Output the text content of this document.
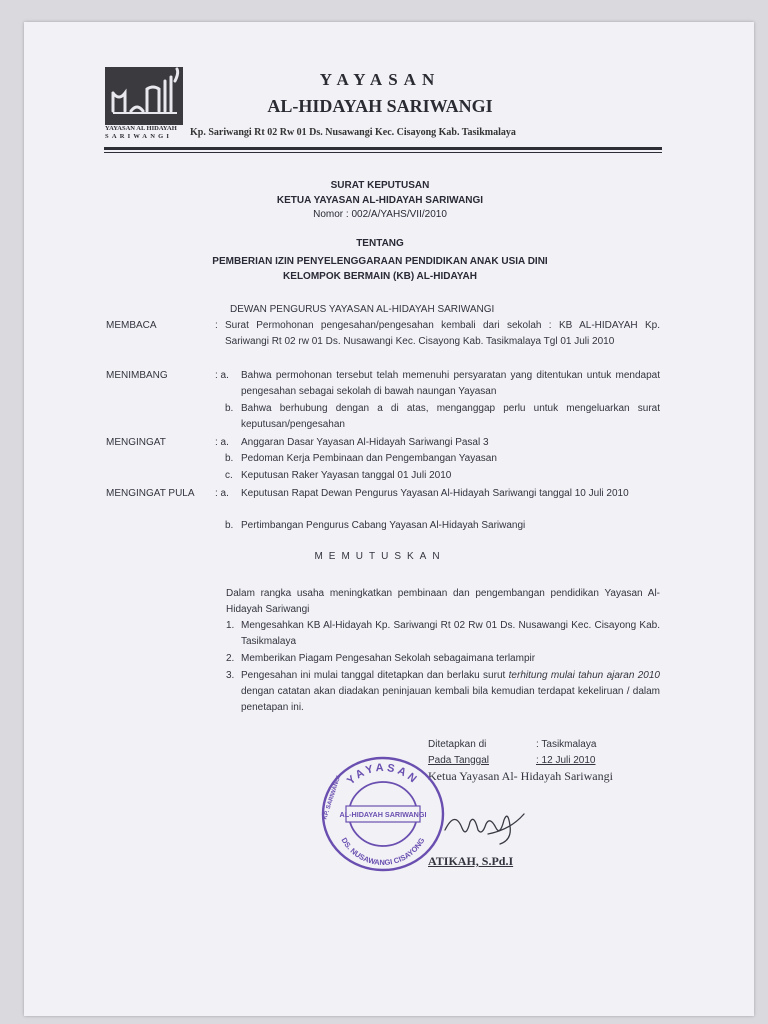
YAYASAN AL HIDAYAH
SARIWANGI
YAYASAN
AL-HIDAYAH SARIWANGI
Kp. Sariwangi Rt 02 Rw 01 Ds. Nusawangi Kec. Cisayong Kab. Tasikmalaya
SURAT KEPUTUSAN
KETUA YAYASAN AL-HIDAYAH SARIWANGI
Nomor : 002/A/YAHS/VII/2010
TENTANG
PEMBERIAN IZIN PENYELENGGARAAN PENDIDIKAN ANAK USIA DINI
KELOMPOK BERMAIN (KB) AL-HIDAYAH
DEWAN PENGURUS YAYASAN AL-HIDAYAH SARIWANGI
MEMBACA	: Surat Permohonan pengesahan/pengesahan kembali dari sekolah : KB AL-HIDAYAH Kp. Sariwangi Rt 02 rw 01 Ds. Nusawangi Kec. Cisayong Kab. Tasikmalaya Tgl 01 Juli 2010
MENIMBANG	: a. Bahwa permohonan tersebut telah memenuhi persyaratan yang ditentukan untuk mendapat pengesahan sebagai sekolah di bawah naungan Yayasan
b. Bahwa berhubung dengan a di atas, menganggap perlu untuk mengeluarkan surat keputusan/pengesahan
MENGINGAT	: a. Anggaran Dasar Yayasan Al-Hidayah Sariwangi Pasal 3
b. Pedoman Kerja Pembinaan dan Pengembangan Yayasan
c. Keputusan Raker Yayasan tanggal 01 Juli 2010
MENGINGAT PULA : a. Keputusan Rapat Dewan Pengurus Yayasan Al-Hidayah Sariwangi tanggal 10 Juli 2010
b. Pertimbangan Pengurus Cabang Yayasan Al-Hidayah Sariwangi
MEMUTUSKAN
Dalam rangka usaha meningkatkan pembinaan dan pengembangan pendidikan Yayasan Al-Hidayah Sariwangi
1. Mengesahkan KB Al-Hidayah Kp. Sariwangi Rt 02 Rw 01 Ds. Nusawangi Kec. Cisayong Kab. Tasikmalaya
2. Memberikan Piagam Pengesahan Sekolah sebagaimana terlampir
3. Pengesahan ini mulai tanggal ditetapkan dan berlaku surut terhitung mulai tahun ajaran 2010 dengan catatan akan diadakan peninjauan kembali bila kemudian terdapat kekeliruan / dalam penetapan ini.
Ditetapkan di	: Tasikmalaya
Pada Tanggal	: 12 Juli 2010
Ketua Yayasan Al- Hidayah Sariwangi
ATIKAH, S.Pd.I
YAYASAN
DS. NUSAWANGI CISAYONG
KP. SARIWANGI
AL-HIDAYAH SARIWANGI
